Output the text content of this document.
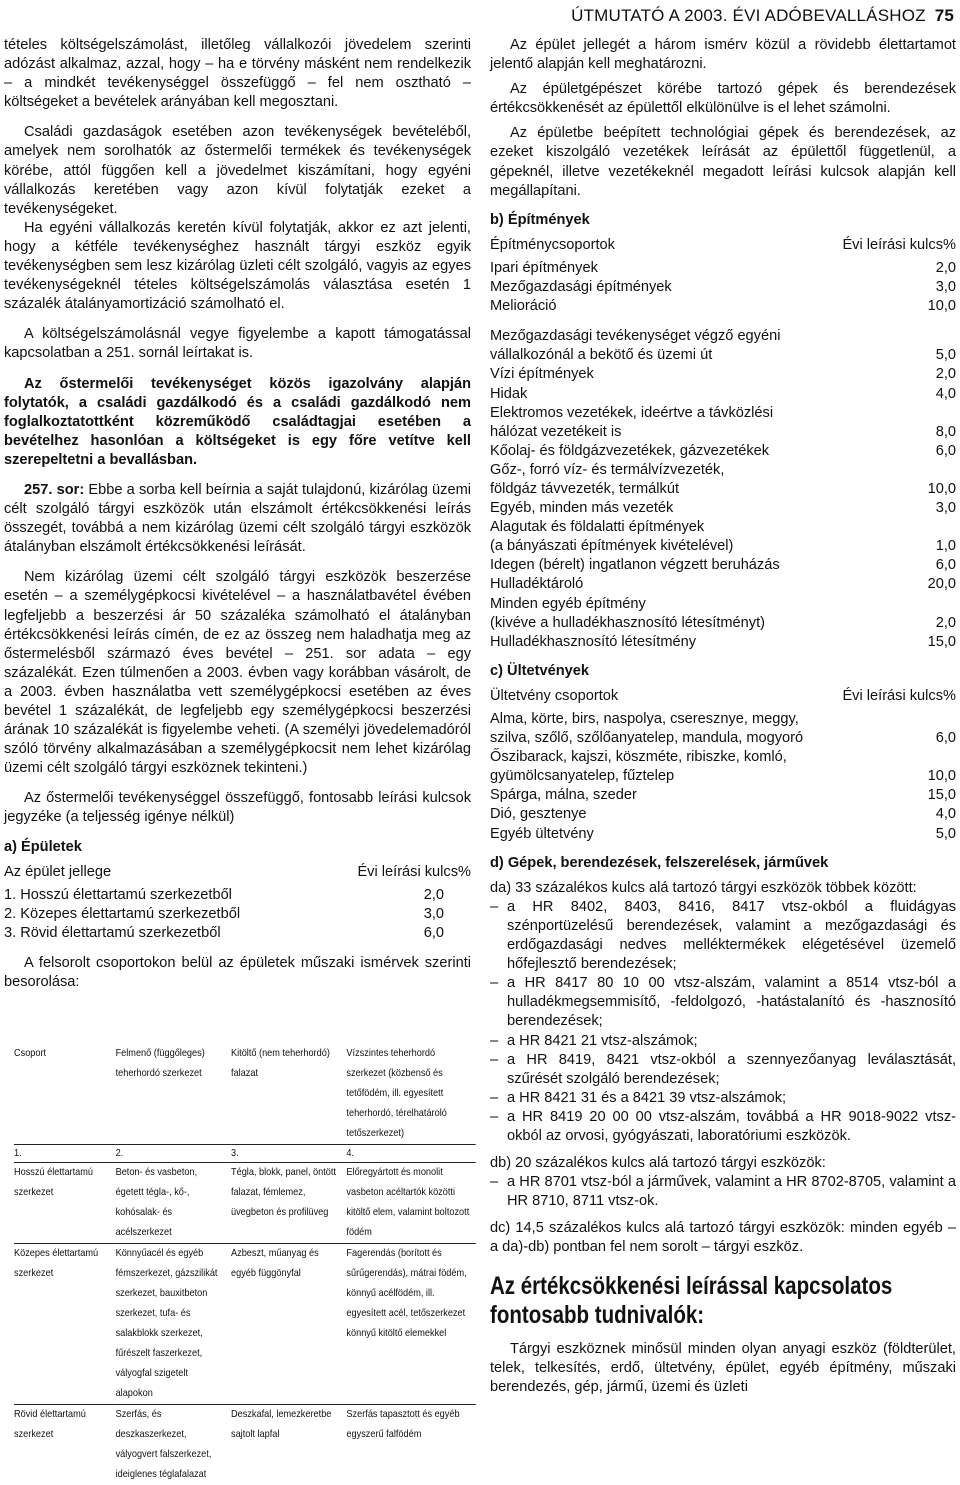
ÚTMUTATÓ A 2003. ÉVI ADÓBEVALLÁSHOZ 75

tételes költségelszámolást, illetőleg vállalkozói jövedelem szerinti adózást alkalmaz, azzal, hogy – ha e törvény másként nem rendelkezik – a mindkét tevékenységgel összefüggő – fel nem osztható – költségeket a bevételek arányában kell megosztani.

Családi gazdaságok esetében azon tevékenységek bevételéből, amelyek nem sorolhatók az őstermelői termékek és tevékenységek körébe, attól függően kell a jövedelmet kiszámítani, hogy egyéni vállalkozás keretében vagy azon kívül folytatják ezeket a tevékenységeket.

Ha egyéni vállalkozás keretén kívül folytatják, akkor ez azt jelenti, hogy a kétféle tevékenységhez használt tárgyi eszköz egyik tevékenységben sem lesz kizárólag üzleti célt szolgáló, vagyis az egyes tevékenységeknél tételes költségelszámolás választása esetén 1 százalék átalányamortizáció számolható el.

A költségelszámolásnál vegye figyelembe a kapott támogatással kapcsolatban a 251. sornál leírtakat is.

Az őstermelői tevékenységet közös igazolvány alapján folytatók, a családi gazdálkodó és a családi gazdálkodó nem foglalkoztatottként közreműködő családtagjai esetében a bevételhez hasonlóan a költségeket is egy főre vetítve kell szerepeltetni a bevallásban.

257. sor: Ebbe a sorba kell beírnia a saját tulajdonú, kizárólag üzemi célt szolgáló tárgyi eszközök után elszámolt értékcsökkenési leírás összegét, továbbá a nem kizárólag üzemi célt szolgáló tárgyi eszközök átalányban elszámolt értékcsökkenési leírását.

Nem kizárólag üzemi célt szolgáló tárgyi eszközök beszerzése esetén – a személygépkocsi kivételével – a használatbavétel évében legfeljebb a beszerzési ár 50 százaléka számolható el átalányban értékcsökkenési leírás címén, de ez az összeg nem haladhatja meg az őstermelésből származó éves bevétel – 251. sor adata – egy százalékát. Ezen túlmenően a 2003. évben vagy korábban vásárolt, de a 2003. évben használatba vett személygépkocsi esetében az éves bevétel 1 százalékát, de legfeljebb egy személygépkocsi beszerzési árának 10 százalékát is figyelembe veheti. (A személyi jövedelemadóról szóló törvény alkalmazásában a személygépkocsit nem lehet kizárólag üzemi célt szolgáló tárgyi eszköznek tekinteni.)

Az őstermelői tevékenységgel összefüggő, fontosabb leírási kulcsok jegyzéke (a teljesség igénye nélkül)

a) Épületek
Az épület jellege	Évi leírási kulcs%
1. Hosszú élettartamú szerkezetből	2,0
2. Közepes élettartamú szerkezetből	3,0
3. Rövid élettartamú szerkezetből	6,0

A felsorolt csoportokon belül az épületek műszaki ismérvek szerinti besorolása:

Csoport	Felmenő (függőleges) teherhordó szerkezet	Kitöltő (nem teherhordó) falazat	Vízszintes teherhordó szerkezet (közbenső és tetőfödém, ill. egyesített teherhordó, térelhatároló tetőszerkezet)
1.	2.	3.	4.
Hosszú élettartamú szerkezet	Beton- és vasbeton, égetett tégla-, kő-, kohósalak- és acélszerkezet	Tégla, blokk, panel, öntött falazat, fémlemez, üvegbeton és profilüveg	Előregyártott és monolit vasbeton acéltartók közötti kitöltő elem, valamint boltozott födém
Közepes élettartamú szerkezet	Könnyűacél és egyéb fémszerkezet, gázszilikát szerkezet, bauxitbeton szerkezet, tufa- és salakblokk szerkezet, fűrészelt faszerkezet, vályogfal szigetelt alapokon	Azbeszt, műanyag és egyéb függönyfal	Fagerendás (borított és sűrűgerendás), mátrai födém, könnyű acélfödém, ill. egyesített acél, tetőszerkezet könnyű kitöltő elemekkel
Rövid élettartamú szerkezet	Szerfás, és deszkaszerkezet, vályogvert falszerkezet, ideiglenes téglafalazat	Deszkafal, lemezkeretbe sajtolt lapfal	Szerfás tapasztott és egyéb egyszerű falfödém

Az épület jellegét a három ismérv közül a rövidebb élettartamot jelentő alapján kell meghatározni.

Az épületgépészet körébe tartozó gépek és berendezések értékcsökkenését az épülettől elkülönülve is el lehet számolni.

Az épületbe beépített technológiai gépek és berendezések, az ezeket kiszolgáló vezetékek leírását az épülettől függetlenül, a gépeknél, illetve vezetékeknél megadott leírási kulcsok alapján kell megállapítani.

b) Építmények
Építménycsoportok	Évi leírási kulcs%
Ipari építmények	2,0
Mezőgazdasági építmények	3,0
Melioráció	10,0
Mezőgazdasági tevékenységet végző egyéni
vállalkozónál a bekötő és üzemi út	5,0
Vízi építmények	2,0
Hidak	4,0
Elektromos vezetékek, ideértve a távközlési
hálózat vezetékeit is	8,0
Kőolaj- és földgázvezetékek, gázvezetékek	6,0
Gőz-, forró víz- és termálvízvezeték,
földgáz távvezeték, termálkút	10,0
Egyéb, minden más vezeték	3,0
Alagutak és földalatti építmények
(a bányászati építmények kivételével)	1,0
Idegen (bérelt) ingatlanon végzett beruházás	6,0
Hulladéktároló	20,0
Minden egyéb építmény
(kivéve a hulladékhasznosító létesítményt)	2,0
Hulladékhasznosító létesítmény	15,0
c) Ültetvények
Ültetvény csoportok	Évi leírási kulcs%
Alma, körte, birs, naspolya, cseresznye, meggy,
szilva, szőlő, szőlőanyatelep, mandula, mogyoró	6,0
Őszibarack, kajszi, köszméte, ribiszke, komló,
gyümölcsanyatelep, fűztelep	10,0
Spárga, málna, szeder	15,0
Dió, gesztenye	4,0
Egyéb ültetvény	5,0
d) Gépek, berendezések, felszerelések, járművek

da) 33 százalékos kulcs alá tartozó tárgyi eszközök többek között:

– a HR 8402, 8403, 8416, 8417 vtsz-okból a fluidágyas szénportüzelésű berendezések, valamint a mezőgazdasági és erdőgazdasági nedves melléktermékek elégetésével üzemelő hőfejlesztő berendezések;
– a HR 8417 80 10 00 vtsz-alszám, valamint a 8514 vtsz-ból a hulladékmegsemmisítő, -feldolgozó, -hatástalanító és -hasznosító berendezések;
– a HR 8421 21 vtsz-alszámok;
– a HR 8419, 8421 vtsz-okból a szennyezőanyag leválasztását, szűrését szolgáló berendezések;
– a HR 8421 31 és a 8421 39 vtsz-alszámok;
– a HR 8419 20 00 00 vtsz-alszám, továbbá a HR 9018-9022 vtsz-okból az orvosi, gyógyászati, laboratóriumi eszközök.

db) 20 százalékos kulcs alá tartozó tárgyi eszközök:

– a HR 8701 vtsz-ból a járművek, valamint a HR 8702-8705, valamint a HR 8710, 8711 vtsz-ok.

dc) 14,5 százalékos kulcs alá tartozó tárgyi eszközök: minden egyéb – a da)-db) pontban fel nem sorolt – tárgyi eszköz.

Az értékcsökkenési leírással kapcsolatos fontosabb tudnivalók:

Tárgyi eszköznek minősül minden olyan anyagi eszköz (földterület, telek, telkesítés, erdő, ültetvény, épület, egyéb építmény, műszaki berendezés, gép, jármű, üzemi és üzleti
